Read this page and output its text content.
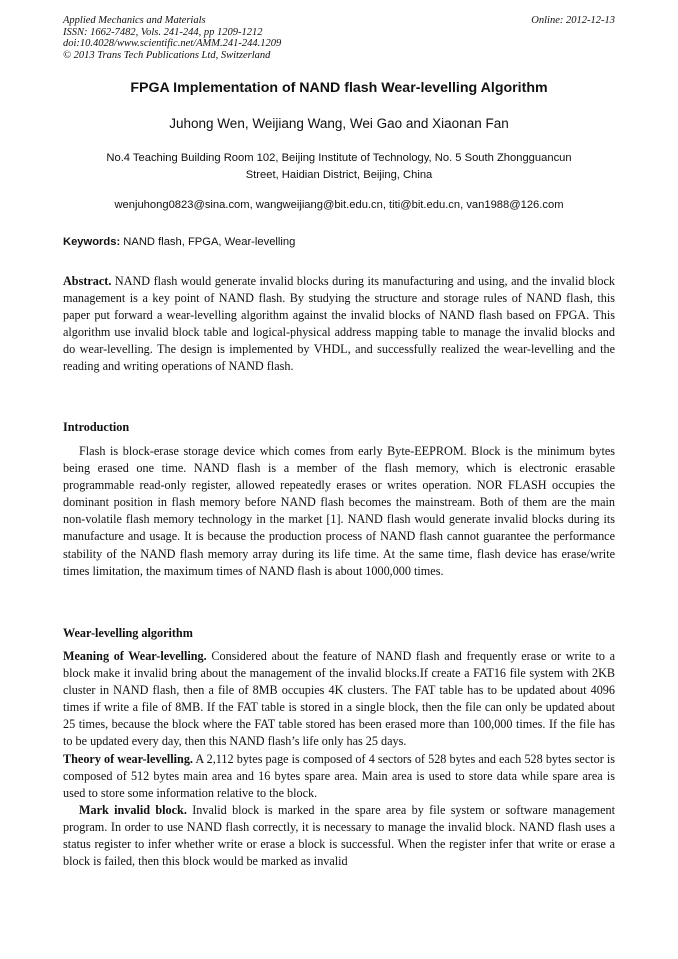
Applied Mechanics and Materials
ISSN: 1662-7482, Vols. 241-244, pp 1209-1212
doi:10.4028/www.scientific.net/AMM.241-244.1209
© 2013 Trans Tech Publications Ltd, Switzerland
Online: 2012-12-13
FPGA Implementation of NAND flash Wear-levelling Algorithm
Juhong Wen, Weijiang Wang, Wei Gao and Xiaonan Fan
No.4 Teaching Building Room 102, Beijing Institute of Technology, No. 5 South Zhongguancun
Street, Haidian District, Beijing, China
wenjuhong0823@sina.com, wangweijiang@bit.edu.cn, titi@bit.edu.cn, van1988@126.com
Keywords: NAND flash, FPGA, Wear-levelling

Abstract. NAND flash would generate invalid blocks during its manufacturing and using, and the invalid block management is a key point of NAND flash. By studying the structure and storage rules of NAND flash, this paper put forward a wear-levelling algorithm against the invalid blocks of NAND flash based on FPGA. This algorithm use invalid block table and logical-physical address mapping table to manage the invalid blocks and do wear-levelling. The design is implemented by VHDL, and successfully realized the wear-levelling and the reading and writing operations of NAND flash.

Introduction

Flash is block-erase storage device which comes from early Byte-EEPROM. Block is the minimum bytes being erased one time. NAND flash is a member of the flash memory, which is electronic erasable programmable read-only register, allowed repeatedly erases or writes operation. NOR FLASH occupies the dominant position in flash memory before NAND flash becomes the mainstream. Both of them are the main non-volatile flash memory technology in the market [1]. NAND flash would generate invalid blocks during its manufacture and usage. It is because the production process of NAND flash cannot guarantee the performance stability of the NAND flash memory array during its life time. At the same time, flash device has erase/write times limitation, the maximum times of NAND flash is about 1000,000 times.

Wear-levelling algorithm

Meaning of Wear-levelling. Considered about the feature of NAND flash and frequently erase or write to a block make it invalid bring about the management of the invalid blocks.If create a FAT16 file system with 2KB cluster in NAND flash, then a file of 8MB occupies 4K clusters. The FAT table has to be updated about 4096 times if write a file of 8MB. If the FAT table is stored in a single block, then the file can only be updated about 25 times, because the block where the FAT table stored has been erased more than 100,000 times. If the file has to be updated every day, then this NAND flash’s life only has 25 days.

Theory of wear-levelling. A 2,112 bytes page is composed of 4 sectors of 528 bytes and each 528 bytes sector is composed of 512 bytes main area and 16 bytes spare area. Main area is used to store data while spare area is used to store some information relative to the block.

Mark invalid block. Invalid block is marked in the spare area by file system or software management program. In order to use NAND flash correctly, it is necessary to manage the invalid block. NAND flash uses a status register to infer whether write or erase a block is successful. When the register infer that write or erase a block is failed, then this block would be marked as invalid
